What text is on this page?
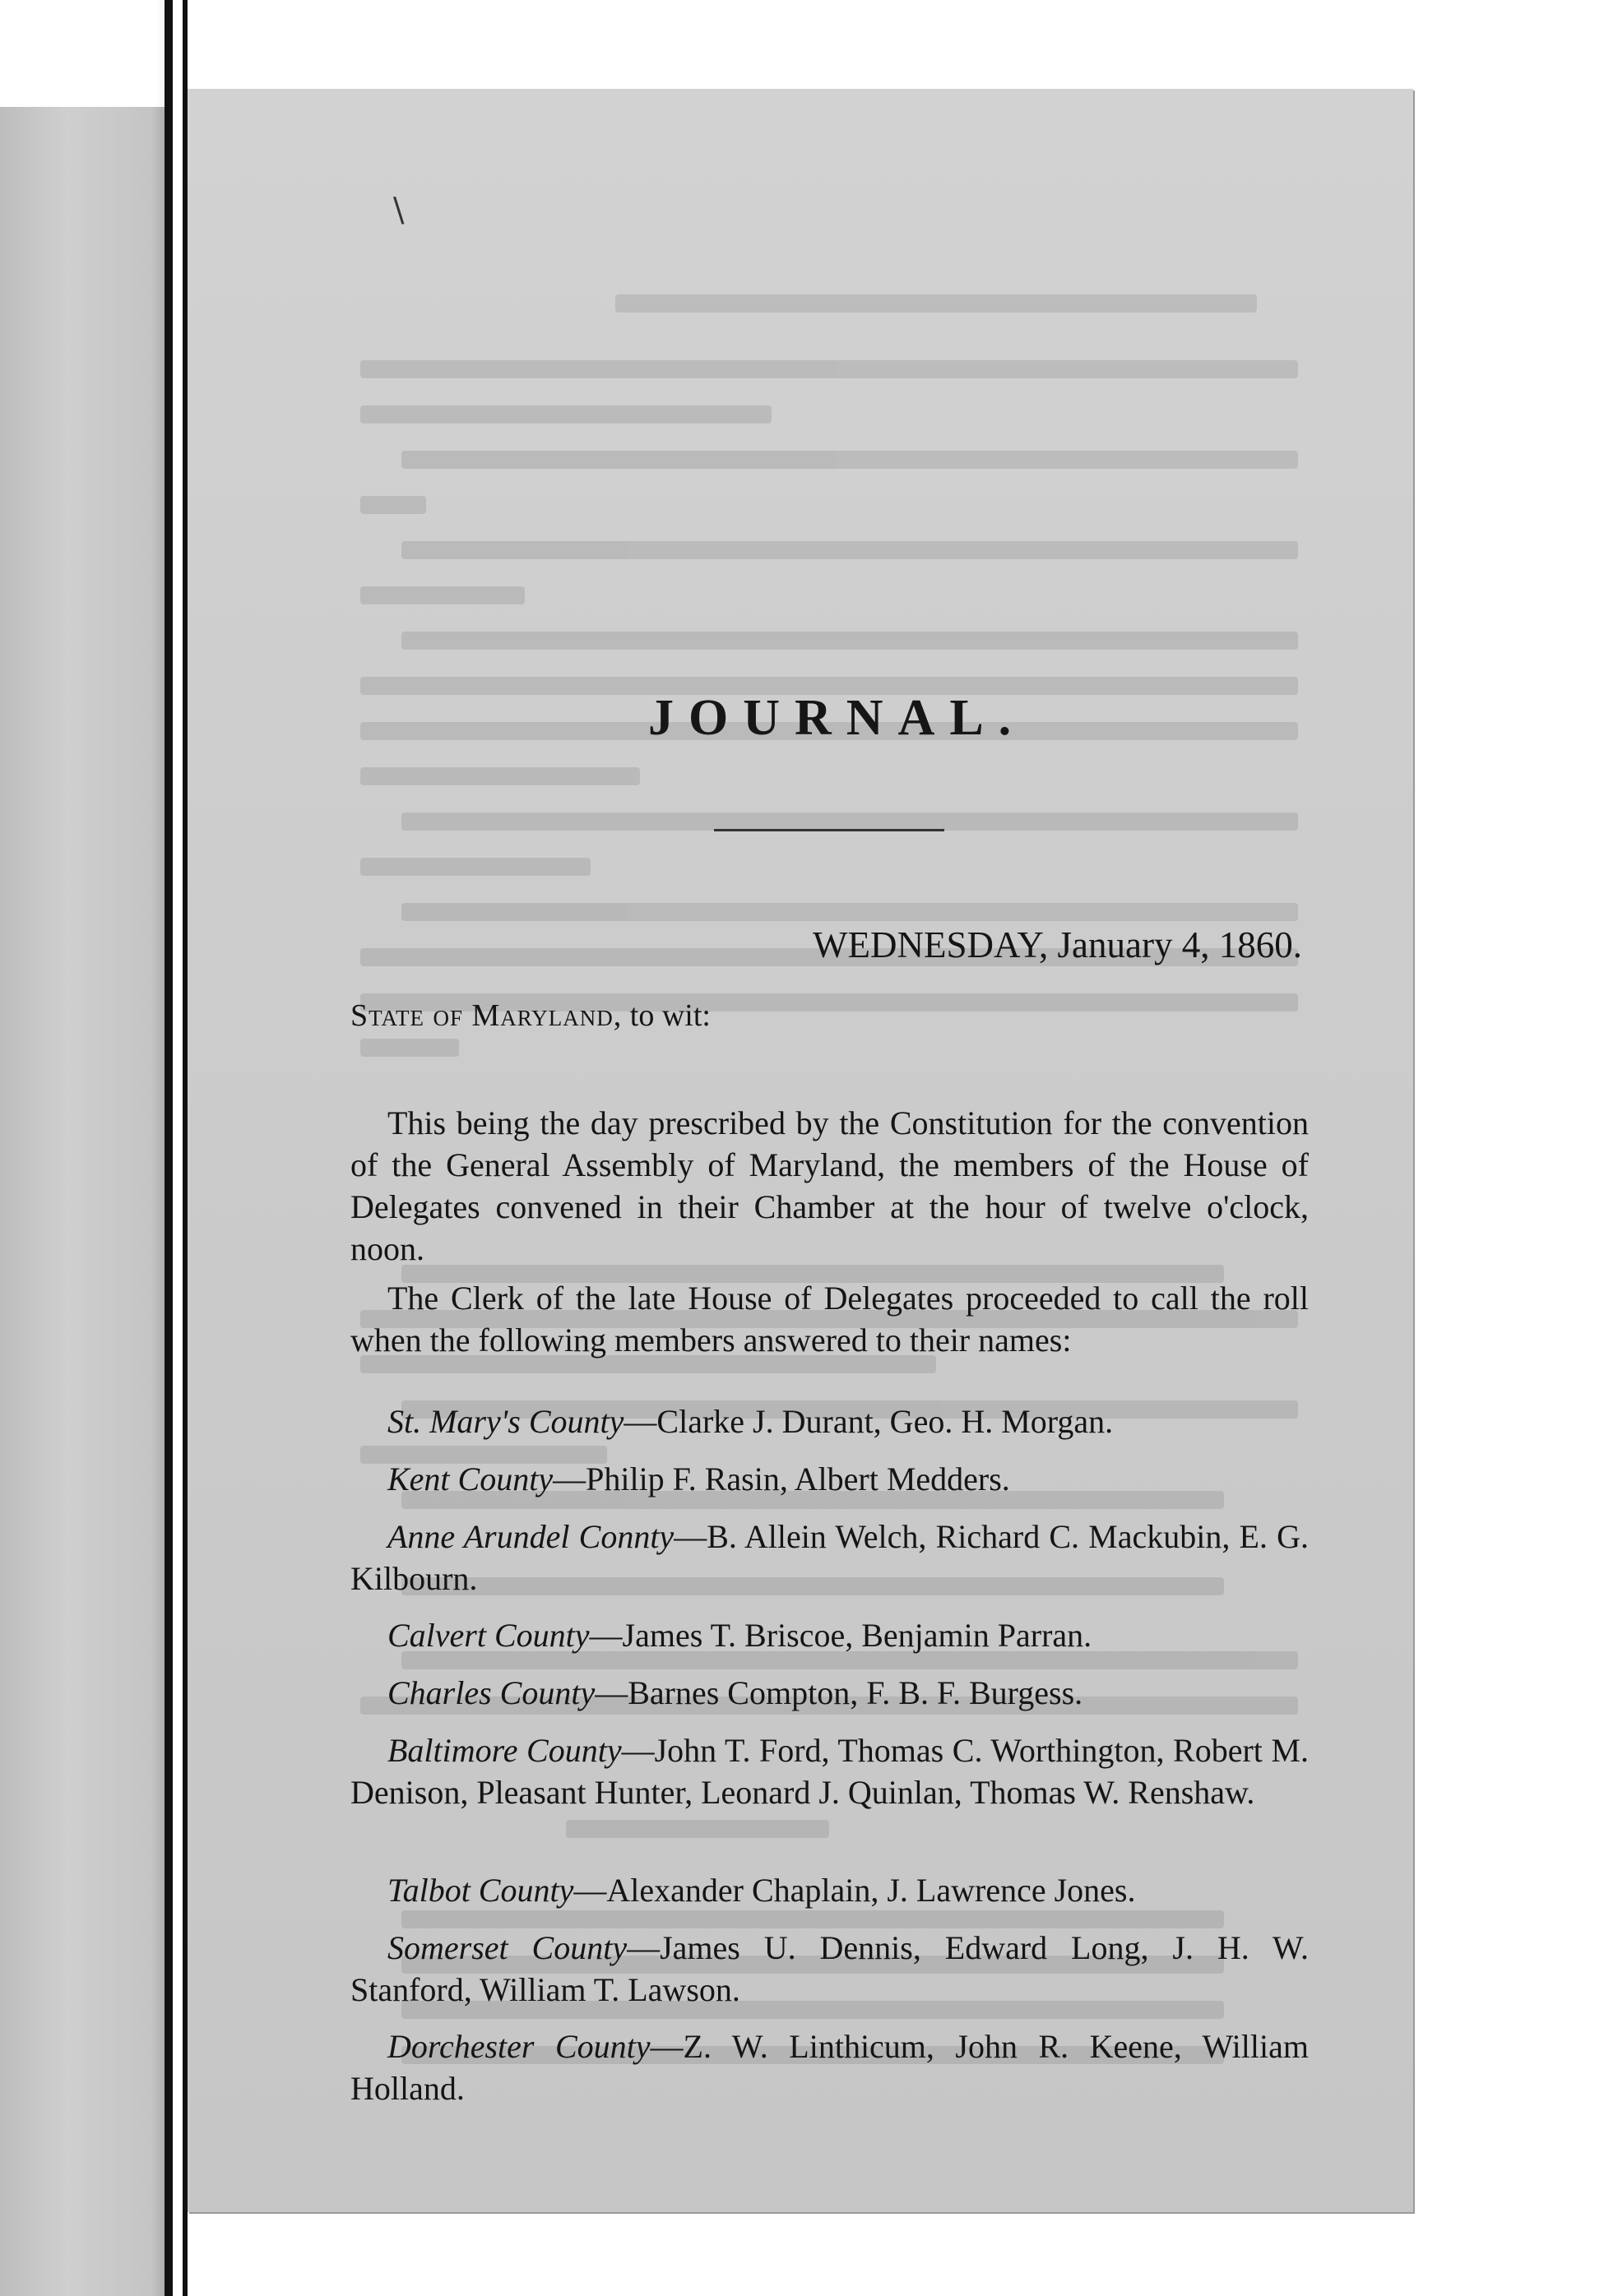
\
JOURNAL.
WEDNESDAY, January 4, 1860.
State of Maryland, to wit:

This being the day prescribed by the Constitution for the convention of the General Assembly of Maryland, the members of the House of Delegates convened in their Chamber at the hour of twelve o'clock, noon.

The Clerk of the late House of Delegates proceeded to call the roll when the following members answered to their names:

St. Mary's County—Clarke J. Durant, Geo. H. Morgan.

Kent County—Philip F. Rasin, Albert Medders.

Anne Arundel Connty—B. Allein Welch, Richard C. Mackubin, E. G. Kilbourn.

Calvert County—James T. Briscoe, Benjamin Parran.

Charles County—Barnes Compton, F. B. F. Burgess.

Baltimore County—John T. Ford, Thomas C. Worthington, Robert M. Denison, Pleasant Hunter, Leonard J. Quinlan, Thomas W. Renshaw.

Talbot County—Alexander Chaplain, J. Lawrence Jones.

Somerset County—James U. Dennis, Edward Long, J. H. W. Stanford, William T. Lawson.

Dorchester County—Z. W. Linthicum, John R. Keene, William Holland.
